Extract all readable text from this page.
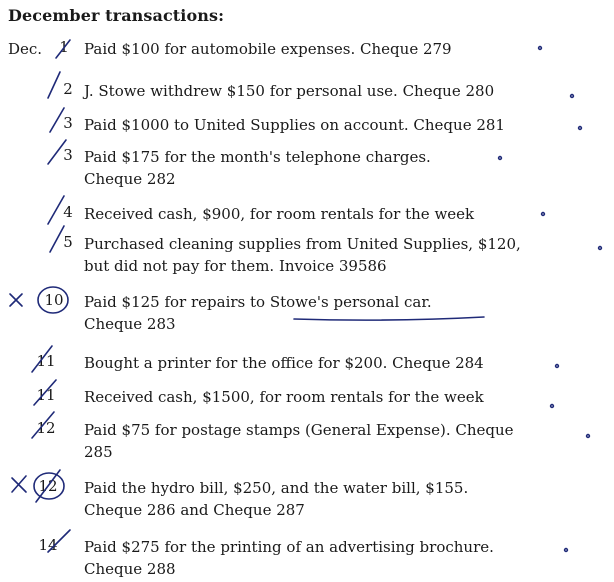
December transactions:
Dec.	1	Paid $100 for automobile expenses. Cheque 279
2 J. Stowe withdrew $150 for personal use. Cheque 280
3 Paid $1000 to United Supplies on account. Cheque 281
3 Paid $175 for the month's telephone charges.
Cheque 282
4 Received cash, $900, for room rentals for the week
5 Purchased cleaning supplies from United Supplies, $120,
but did not pay for them. Invoice 39586
10 Paid $125 for repairs to Stowe's personal car.
Cheque 283
11 Bought a printer for the office for $200. Cheque 284
11 Received cash, $1500, for room rentals for the week
12 Paid $75 for postage stamps (General Expense). Cheque
285
12 Paid the hydro bill, $250, and the water bill, $155.
Cheque 286 and Cheque 287
14 Paid $275 for the printing of an advertising brochure.
Cheque 288
